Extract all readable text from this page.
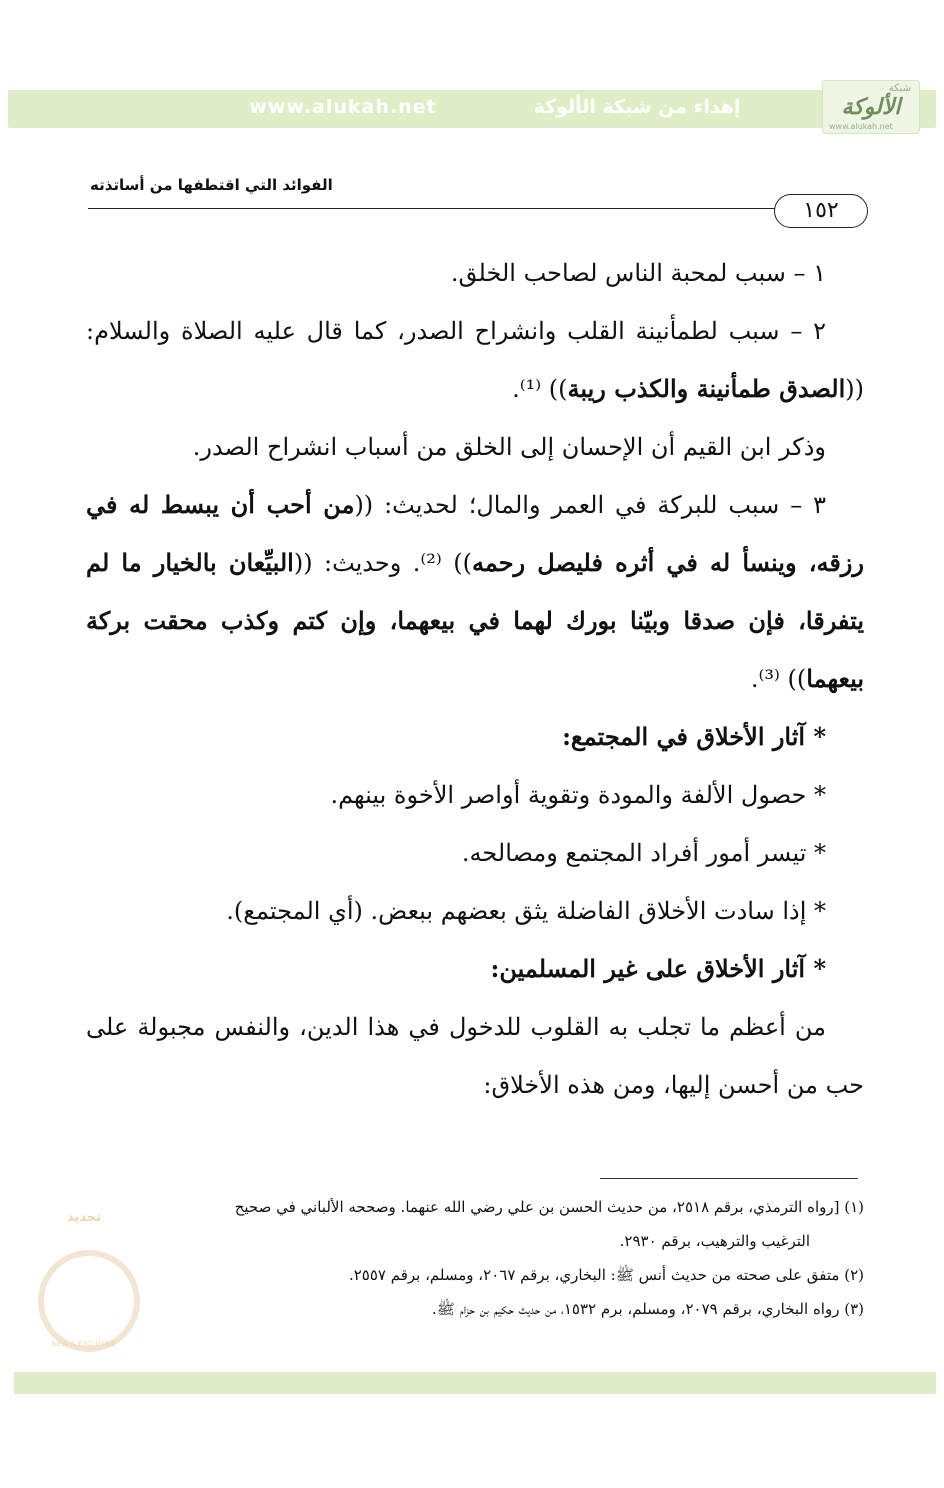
www.alukah.net	إهداء من شبكة الألوكة
شبكة
الألوكة
www.alukah.net
الفوائد التي اقتطفها من أساتذته
١٥٢

١ – سبب لمحبة الناس لصاحب الخلق.

٢ – سبب لطمأنينة القلب وانشراح الصدر، كما قال عليه الصلاة والسلام: ((الصدق طمأنينة والكذب ريبة)) ⁽¹⁾.

وذكر ابن القيم أن الإحسان إلى الخلق من أسباب انشراح الصدر.

٣ – سبب للبركة في العمر والمال؛ لحديث: ((من أحب أن يبسط له في رزقه، وينسأ له في أثره فليصل رحمه)) ⁽²⁾. وحديث: ((البيِّعان بالخيار ما لم يتفرقا، فإن صدقا وبيّنا بورك لهما في بيعهما، وإن كتم وكذب محقت بركة بيعهما)) ⁽³⁾.

* آثار الأخلاق في المجتمع:

* حصول الألفة والمودة وتقوية أواصر الأخوة بينهم.

* تيسر أمور أفراد المجتمع ومصالحه.

* إذا سادت الأخلاق الفاضلة يثق بعضهم ببعض. (أي المجتمع).

* آثار الأخلاق على غير المسلمين:

من أعظم ما تجلب به القلوب للدخول في هذا الدين، والنفس مجبولة على حب من أحسن إليها، ومن هذه الأخلاق:

(١) [رواه الترمذي، برقم ٢٥١٨، من حديث الحسن بن علي رضي الله عنهما. وصححه الألباني في صحيح

الترغيب والترهيب، برقم ٢٩٣٠.

(٢) متفق على صحته من حديث أنس ﷺ: البخاري، برقم ٢٠٦٧، ومسلم، برقم ٢٥٥٧.

(٣) رواه البخاري، برقم ٢٠٧٩، ومسلم، برم ١٥٣٢، من حديث حكيم بن حزام ﷺ.

تجديد
NEW & EXCLUSIVE
